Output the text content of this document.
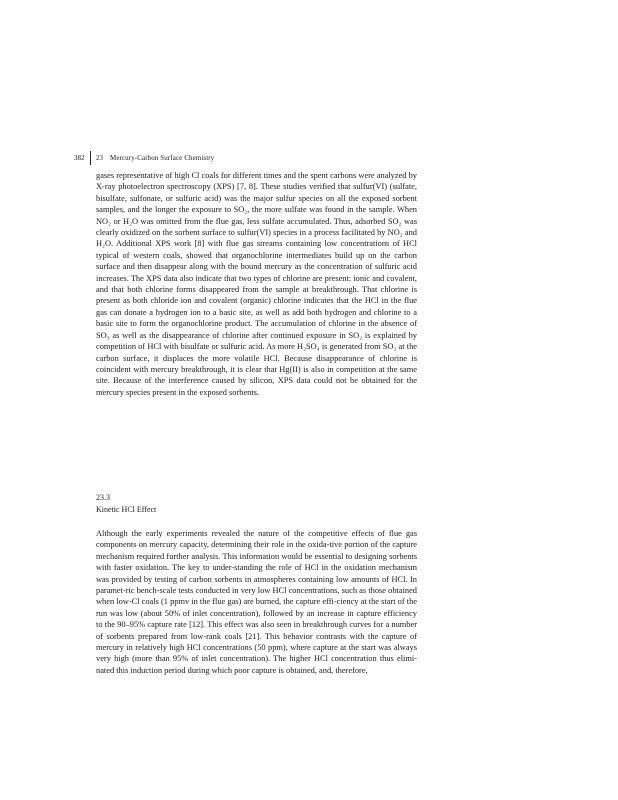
382	23 Mercury-Carbon Surface Chemistry

gases representative of high Cl coals for different times and the spent carbons were analyzed by X-ray photoelectron spectroscopy (XPS) [7, 8]. These studies verified that sulfur(VI) (sulfate, bisulfate, sulfonate, or sulfuric acid) was the major sulfur species on all the exposed sorbent samples, and the longer the exposure to SO₂, the more sulfate was found in the sample. When NO₂ or H₂O was omitted from the flue gas, less sulfate accumulated. Thus, adsorbed SO₂ was clearly oxidized on the sorbent surface to sulfur(VI) species in a process facilitated by NO₂ and H₂O. Additional XPS work [8] with flue gas streams containing low concentrations of HCl typical of western coals, showed that organochlorine intermediates build up on the carbon surface and then disappear along with the bound mercury as the concentration of sulfuric acid increases. The XPS data also indicate that two types of chlorine are present: ionic and covalent, and that both chlorine forms disappeared from the sample at breakthrough. That chlorine is present as both chloride ion and covalent (organic) chlorine indicates that the HCl in the flue gas can donate a hydrogen ion to a basic site, as well as add both hydrogen and chlorine to a basic site to form the organochlorine product. The accumulation of chlorine in the absence of SO₃ as well as the disappearance of chlorine after continued exposure in SO₂ is explained by competition of HCl with bisulfate or sulfuric acid. As more H₂SO₄ is generated from SO₂ at the carbon surface, it displaces the more volatile HCl. Because disappearance of chlorine is coincident with mercury breakthrough, it is clear that Hg(II) is also in competition at the same site. Because of the interference caused by silicon, XPS data could not be obtained for the mercury species present in the exposed sorbents.

23.3
Kinetic HCl Effect

Although the early experiments revealed the nature of the competitive effects of flue gas components on mercury capacity, determining their role in the oxida-tive portion of the capture mechanism required further analysis. This information would be essential to designing sorbents with faster oxidation. The key to under-standing the role of HCl in the oxidation mechanism was provided by testing of carbon sorbents in atmospheres containing low amounts of HCl. In paramet-ric bench-scale tests conducted in very low HCl concentrations, such as those obtained when low-Cl coals (1 ppmv in the flue gas) are burned, the capture effi-ciency at the start of the run was low (about 50% of inlet concentration), followed by an increase in capture efficiency to the 90–95% capture rate [12]. This effect was also seen in breakthrough curves for a number of sorbents prepared from low-rank coals [21]. This behavior contrasts with the capture of mercury in relatively high HCl concentrations (50 ppm), where capture at the start was always very high (more than 95% of inlet concentration). The higher HCl concentration thus elimi-nated this induction period during which poor capture is obtained, and, therefore,
